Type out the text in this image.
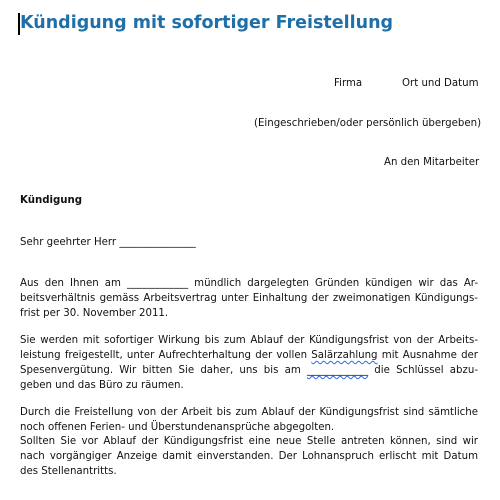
Kündigung mit sofortiger Freistellung
Firma	Ort und Datum
(Eingeschrieben/oder persönlich übergeben)
An den Mitarbeiter
Kündigung
Sehr geehrter Herr _______________
Aus den Ihnen am ____________ mündlich dargelegten Gründen kündigen wir das Ar-
beitsverhältnis gemäss Arbeitsvertrag unter Einhaltung der zweimonatigen Kündigungs-
frist per 30. November 2011.
Sie werden mit sofortiger Wirkung bis zum Ablauf der Kündigungsfrist von der Arbeits-
leistung freigestellt, unter Aufrechterhaltung der vollen Salärzahlung mit Ausnahme der
Spesenvergütung. Wir bitten Sie daher, uns bis am ____________ die Schlüssel abzu-
geben und das Büro zu räumen.
Durch die Freistellung von der Arbeit bis zum Ablauf der Kündigungsfrist sind sämtliche
noch offenen Ferien- und Überstundenansprüche abgegolten.
Sollten Sie vor Ablauf der Kündigungsfrist eine neue Stelle antreten können, sind wir
nach vorgängiger Anzeige damit einverstanden. Der Lohnanspruch erlischt mit Datum
des Stellenantritts.
